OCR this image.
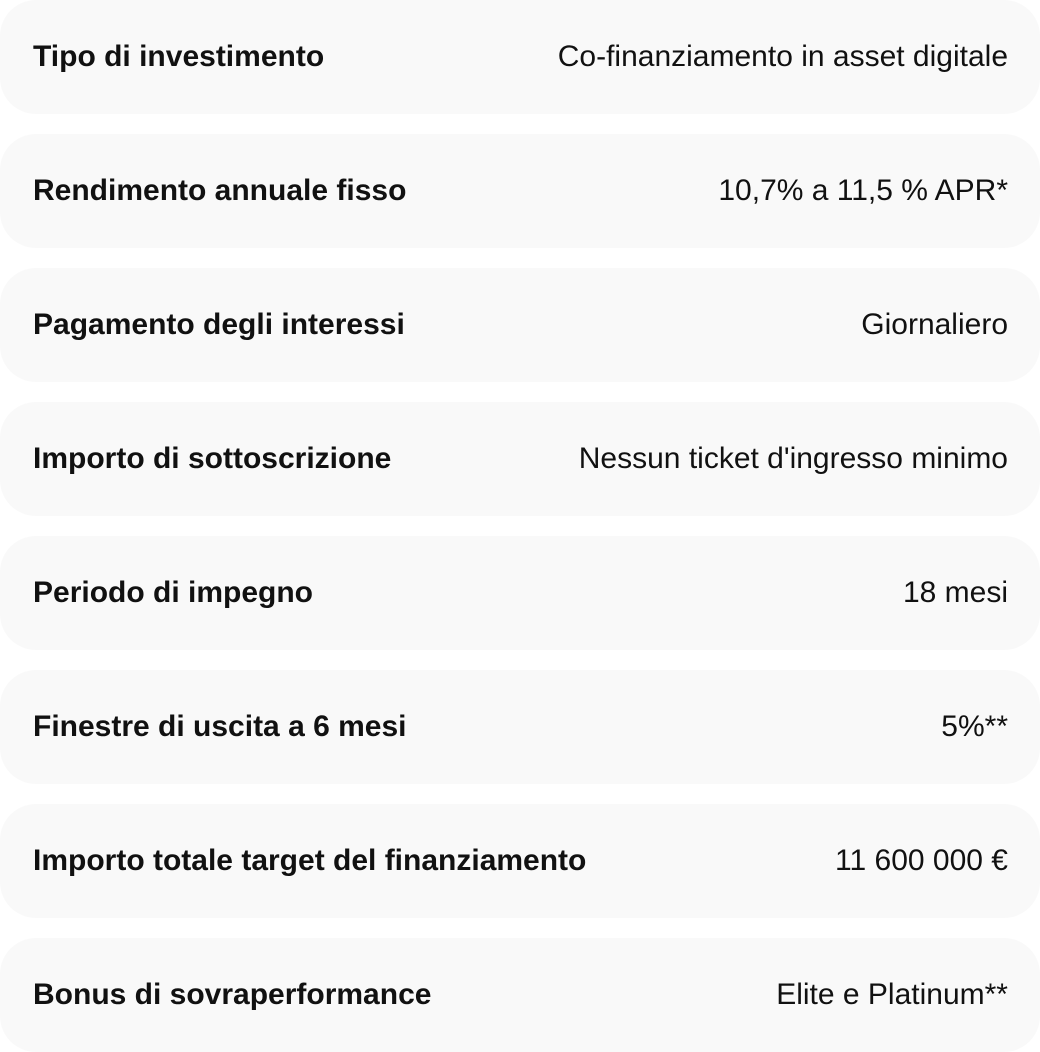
Tipo di investimento	Co-finanziamento in asset digitale
Rendimento annuale fisso	10,7% a 11,5 % APR*
Pagamento degli interessi	Giornaliero
Importo di sottoscrizione	Nessun ticket d'ingresso minimo
Periodo di impegno	18 mesi
Finestre di uscita a 6 mesi	5%**
Importo totale target del finanziamento	11 600 000 €
Bonus di sovraperformance	Elite e Platinum**
